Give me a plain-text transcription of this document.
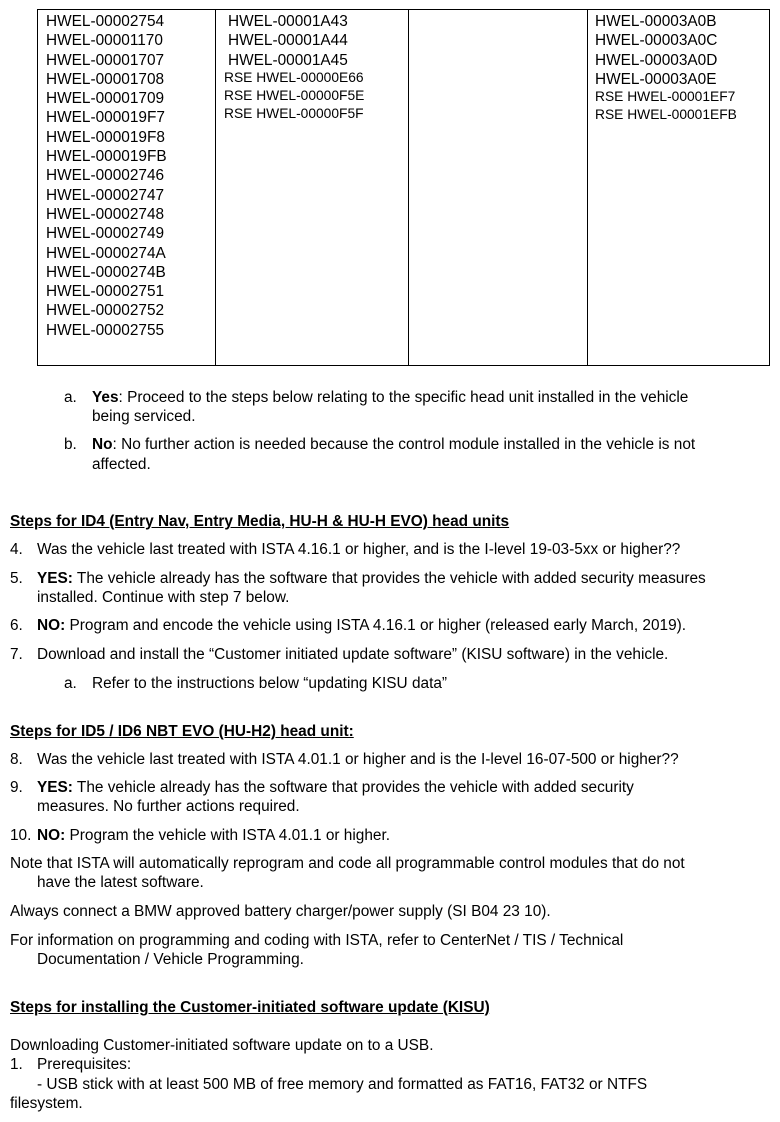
HWEL-00002754
HWEL-00001170
HWEL-00001707
HWEL-00001708
HWEL-00001709
HWEL-000019F7
HWEL-000019F8
HWEL-000019FB
HWEL-00002746
HWEL-00002747
HWEL-00002748
HWEL-00002749
HWEL-0000274A
HWEL-0000274B
HWEL-00002751
HWEL-00002752
HWEL-00002755
HWEL-00001A43
HWEL-00001A44
HWEL-00001A45
RSE HWEL-00000E66
RSE HWEL-00000F5E
RSE HWEL-00000F5F
HWEL-00003A0B
HWEL-00003A0C
HWEL-00003A0D
HWEL-00003A0E
RSE HWEL-00001EF7
RSE HWEL-00001EFB
a. Yes: Proceed to the steps below relating to the specific head unit installed in the vehicle
being serviced.
b. No: No further action is needed because the control module installed in the vehicle is not
affected.
Steps for ID4 (Entry Nav, Entry Media, HU-H & HU-H EVO) head units
4. Was the vehicle last treated with ISTA 4.16.1 or higher, and is the I-level 19-03-5xx or higher??
5. YES: The vehicle already has the software that provides the vehicle with added security measures
installed. Continue with step 7 below.
6. NO: Program and encode the vehicle using ISTA 4.16.1 or higher (released early March, 2019).
7. Download and install the “Customer initiated update software” (KISU software) in the vehicle.
a. Refer to the instructions below “updating KISU data”
Steps for ID5 / ID6 NBT EVO (HU-H2) head unit:
8. Was the vehicle last treated with ISTA 4.01.1 or higher and is the I-level 16-07-500 or higher??
9. YES: The vehicle already has the software that provides the vehicle with added security
measures. No further actions required.
10. NO: Program the vehicle with ISTA 4.01.1 or higher.
Note that ISTA will automatically reprogram and code all programmable control modules that do not
have the latest software.
Always connect a BMW approved battery charger/power supply (SI B04 23 10).
For information on programming and coding with ISTA, refer to CenterNet / TIS / Technical
Documentation / Vehicle Programming.
Steps for installing the Customer-initiated software update (KISU)
Downloading Customer-initiated software update on to a USB.
1. Prerequisites:
- USB stick with at least 500 MB of free memory and formatted as FAT16, FAT32 or NTFS
filesystem.
